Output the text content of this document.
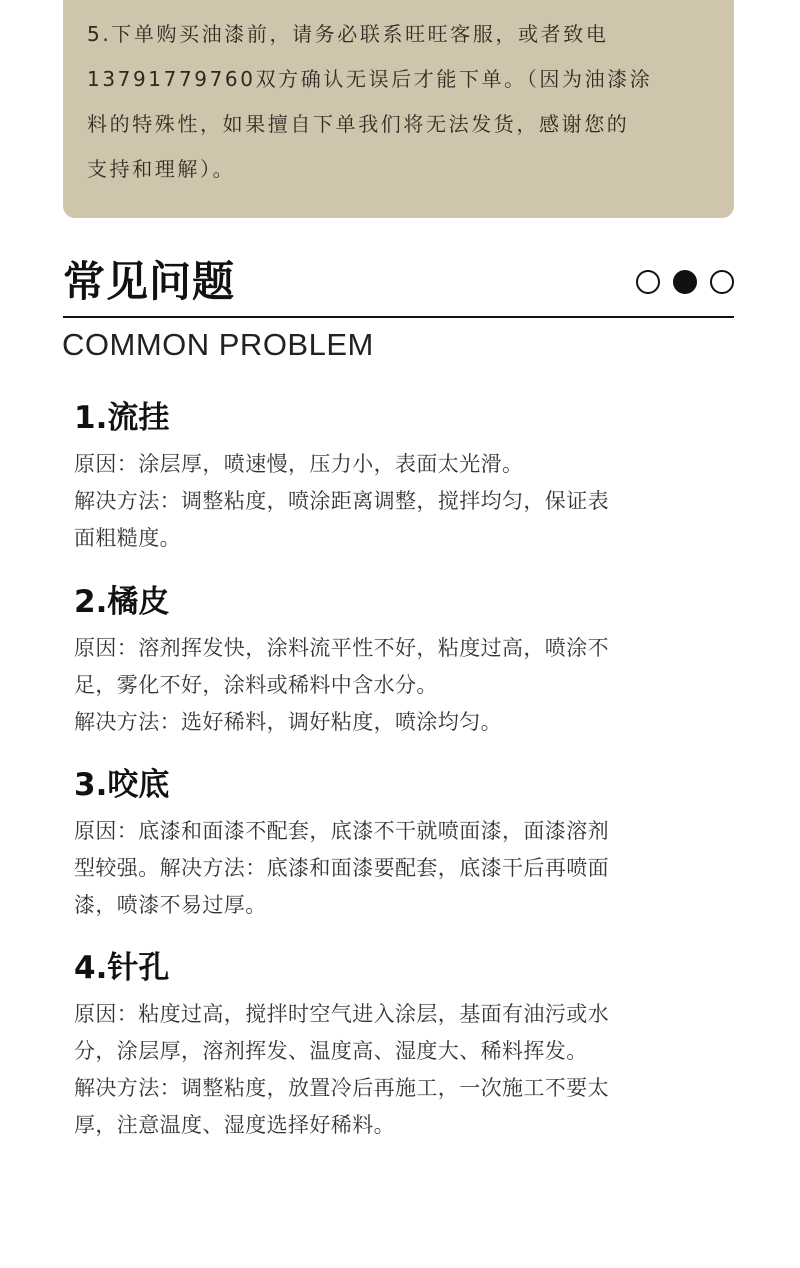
5.下单购买油漆前，请务必联系旺旺客服，或者致电
13791779760双方确认无误后才能下单。（因为油漆涂
料的特殊性，如果擅自下单我们将无法发货，感谢您的
支持和理解）。
常见问题
COMMON PROBLEM
1.流挂
原因：涂层厚，喷速慢，压力小，表面太光滑。
解决方法：调整粘度，喷涂距离调整，搅拌均匀，保证表
面粗糙度。
2.橘皮
原因：溶剂挥发快，涂料流平性不好，粘度过高，喷涂不
足，雾化不好，涂料或稀料中含水分。
解决方法：选好稀料，调好粘度，喷涂均匀。
3.咬底
原因：底漆和面漆不配套，底漆不干就喷面漆，面漆溶剂
型较强。解决方法：底漆和面漆要配套，底漆干后再喷面
漆，喷漆不易过厚。
4.针孔
原因：粘度过高，搅拌时空气进入涂层，基面有油污或水
分，涂层厚，溶剂挥发、温度高、湿度大、稀料挥发。
解决方法：调整粘度，放置冷后再施工，一次施工不要太
厚，注意温度、湿度选择好稀料。
